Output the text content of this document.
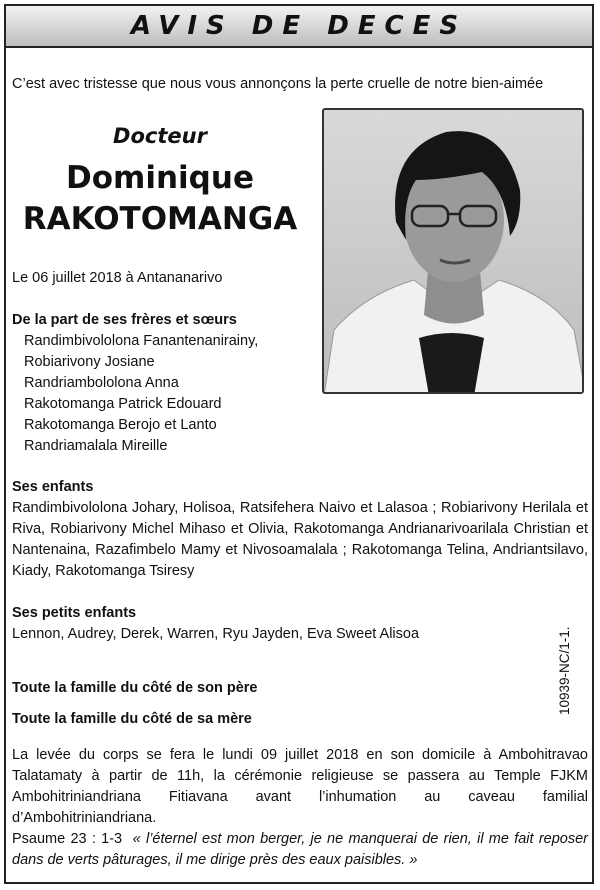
AVIS DE DECES
C’est avec tristesse que nous vous annonçons la perte cruelle de notre bien-aimée
Docteur
Dominique
RAKOTOMANGA
Le 06 juillet 2018 à Antananarivo
De la part de ses frères et sœurs
Randimbivololona Fanantenanirainy,
Robiarivony Josiane
Randriambololona Anna
Rakotomanga Patrick Edouard
Rakotomanga Berojo et Lanto
Randriamalala Mireille
Ses enfants
Randimbivololona Johary, Holisoa, Ratsifehera Naivo et Lalasoa ; Robiarivony Herilala et Riva, Robiarivony Michel Mihaso et Olivia, Rakotomanga Andrianarivoarilala Christian et Nantenaina, Razafimbelo Mamy et Nivosoamalala ; Rakotomanga Telina, Andriantsilavo, Kiady, Rakotomanga Tsiresy
Ses petits enfants
Lennon, Audrey, Derek, Warren, Ryu Jayden, Eva Sweet Alisoa
Toute la famille du côté de son père
Toute la famille du côté de sa mère
La levée du corps se fera le lundi 09 juillet 2018 en son domicile à Ambohitravao Talatamaty à partir de 11h, la cérémonie religieuse se passera au Temple FJKM Ambohitriniandriana Fitiavana avant l’inhumation au caveau familial d’Ambohitriniandriana.
Psaume 23 : 1-3 « l’éternel est mon berger, je ne manquerai de rien, il me fait reposer dans de verts pâturages, il me dirige près des eaux paisibles. »
10939-NC/1-1.
